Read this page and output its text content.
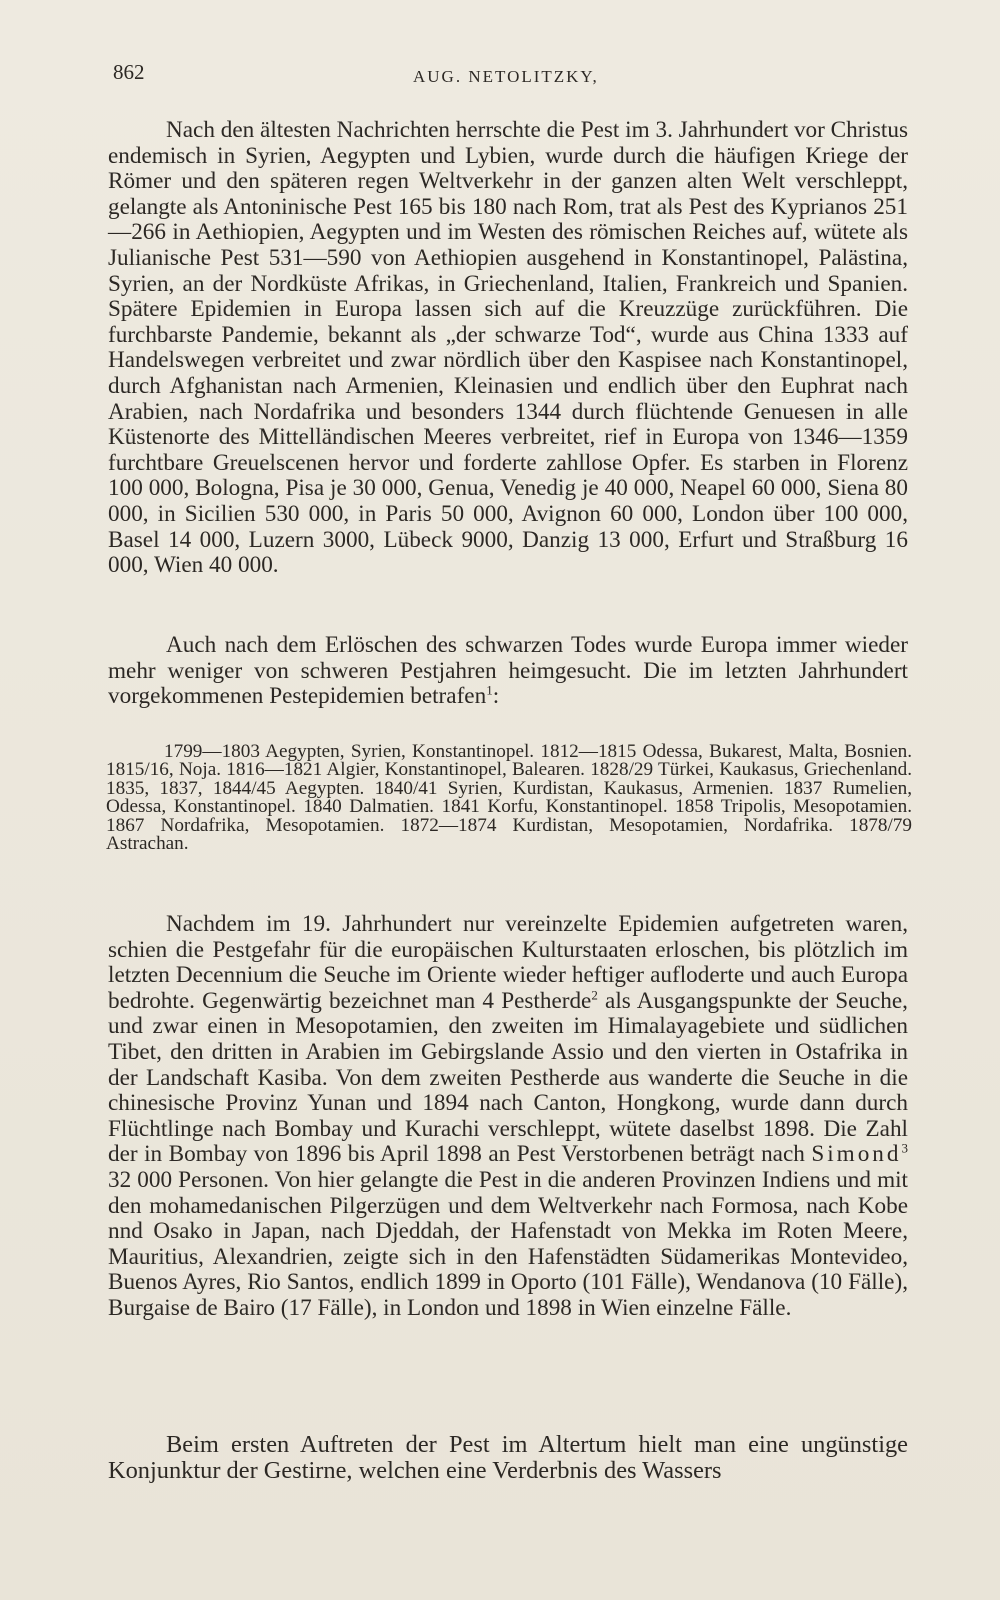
862	AUG. NETOLITZKY,

Nach den ältesten Nachrichten herrschte die Pest im 3. Jahrhundert vor Christus endemisch in Syrien, Aegypten und Lybien, wurde durch die häufigen Kriege der Römer und den späteren regen Weltverkehr in der ganzen alten Welt verschleppt, gelangte als Antoninische Pest 165 bis 180 nach Rom, trat als Pest des Kyprianos 251—266 in Aethiopien, Aegypten und im Westen des römischen Reiches auf, wütete als Julianische Pest 531—590 von Aethiopien ausgehend in Konstantinopel, Palästina, Syrien, an der Nordküste Afrikas, in Griechenland, Italien, Frankreich und Spanien. Spätere Epidemien in Europa lassen sich auf die Kreuzzüge zurückführen. Die furchbarste Pandemie, bekannt als „der schwarze Tod“, wurde aus China 1333 auf Handelswegen verbreitet und zwar nördlich über den Kaspisee nach Konstantinopel, durch Afghanistan nach Armenien, Kleinasien und endlich über den Euphrat nach Arabien, nach Nordafrika und besonders 1344 durch flüchtende Genuesen in alle Küstenorte des Mittelländischen Meeres verbreitet, rief in Europa von 1346—1359 furchtbare Greuelscenen hervor und forderte zahllose Opfer. Es starben in Florenz 100 000, Bologna, Pisa je 30 000, Genua, Venedig je 40 000, Neapel 60 000, Siena 80 000, in Sicilien 530 000, in Paris 50 000, Avignon 60 000, London über 100 000, Basel 14 000, Luzern 3000, Lübeck 9000, Danzig 13 000, Erfurt und Straßburg 16 000, Wien 40 000.

Auch nach dem Erlöschen des schwarzen Todes wurde Europa immer wieder mehr weniger von schweren Pestjahren heimgesucht. Die im letzten Jahrhundert vorgekommenen Pestepidemien betrafen$^1$:

1799—1803 Aegypten, Syrien, Konstantinopel. 1812—1815 Odessa, Bukarest, Malta, Bosnien. 1815/16, Noja. 1816—1821 Algier, Konstantinopel, Balearen. 1828/29 Türkei, Kaukasus, Griechenland. 1835, 1837, 1844/45 Aegypten. 1840/41 Syrien, Kurdistan, Kaukasus, Armenien. 1837 Rumelien, Odessa, Konstantinopel. 1840 Dalmatien. 1841 Korfu, Konstantinopel. 1858 Tripolis, Mesopotamien. 1867 Nordafrika, Mesopotamien. 1872—1874 Kurdistan, Mesopotamien, Nordafrika. 1878/79 Astrachan.

Nachdem im 19. Jahrhundert nur vereinzelte Epidemien aufgetreten waren, schien die Pestgefahr für die europäischen Kulturstaaten erloschen, bis plötzlich im letzten Decennium die Seuche im Oriente wieder heftiger aufloderte und auch Europa bedrohte. Gegenwärtig bezeichnet man 4 Pestherde$^2$ als Ausgangspunkte der Seuche, und zwar einen in Mesopotamien, den zweiten im Himalayagebiete und südlichen Tibet, den dritten in Arabien im Gebirgslande Assio und den vierten in Ostafrika in der Landschaft Kasiba. Von dem zweiten Pestherde aus wanderte die Seuche in die chinesische Provinz Yunan und 1894 nach Canton, Hongkong, wurde dann durch Flüchtlinge nach Bombay und Kurachi verschleppt, wütete daselbst 1898. Die Zahl der in Bombay von 1896 bis April 1898 an Pest Verstorbenen beträgt nach Simond$^3$ 32 000 Personen. Von hier gelangte die Pest in die anderen Provinzen Indiens und mit den mohamedanischen Pilgerzügen und dem Weltverkehr nach Formosa, nach Kobe nnd Osako in Japan, nach Djeddah, der Hafenstadt von Mekka im Roten Meere, Mauritius, Alexandrien, zeigte sich in den Hafenstädten Südamerikas Montevideo, Buenos Ayres, Rio Santos, endlich 1899 in Oporto (101 Fälle), Wendanova (10 Fälle), Burgaise de Bairo (17 Fälle), in London und 1898 in Wien einzelne Fälle.

Beim ersten Auftreten der Pest im Altertum hielt man eine ungünstige Konjunktur der Gestirne, welchen eine Verderbnis des Wassers
